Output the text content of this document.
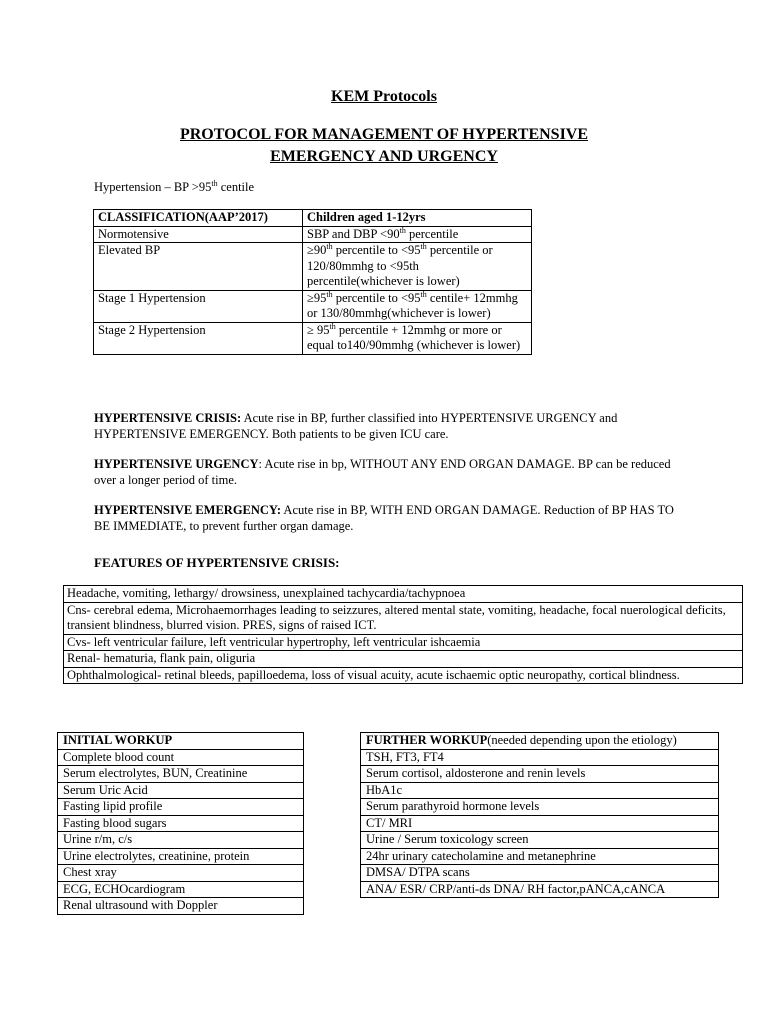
KEM Protocols
PROTOCOL FOR MANAGEMENT OF HYPERTENSIVE EMERGENCY AND URGENCY
Hypertension – BP >95th centile
CLASSIFICATION(AAP’2017)	Children aged 1-12yrs
Normotensive	SBP and DBP <90th percentile
Elevated BP	≥90th percentile to <95th percentile or 120/80mmhg to <95th percentile(whichever is lower)
Stage 1 Hypertension	≥95th percentile to <95th centile+ 12mmhg or 130/80mmhg(whichever is lower)
Stage 2 Hypertension	≥ 95th percentile + 12mmhg or more or equal to140/90mmhg (whichever is lower)

HYPERTENSIVE CRISIS: Acute rise in BP, further classified into HYPERTENSIVE URGENCY and HYPERTENSIVE EMERGENCY. Both patients to be given ICU care.

HYPERTENSIVE URGENCY: Acute rise in bp, WITHOUT ANY END ORGAN DAMAGE. BP can be reduced over a longer period of time.

HYPERTENSIVE EMERGENCY: Acute rise in BP, WITH END ORGAN DAMAGE. Reduction of BP HAS TO BE IMMEDIATE, to prevent further organ damage.

FEATURES OF HYPERTENSIVE CRISIS:
Headache, vomiting, lethargy/ drowsiness, unexplained tachycardia/tachypnoea
Cns- cerebral edema, Microhaemorrhages leading to seizzures, altered mental state, vomiting, headache, focal nuerological deficits, transient blindness, blurred vision. PRES, signs of raised ICT.
Cvs- left ventricular failure, left ventricular hypertrophy, left ventricular ishcaemia
Renal- hematuria, flank pain, oliguria
Ophthalmological- retinal bleeds, papilloedema, loss of visual acuity, acute ischaemic optic neuropathy, cortical blindness.
INITIAL WORKUP
Complete blood count
Serum electrolytes, BUN, Creatinine
Serum Uric Acid
Fasting lipid profile
Fasting blood sugars
Urine r/m, c/s
Urine electrolytes, creatinine, protein
Chest xray
ECG, ECHOcardiogram
Renal ultrasound with Doppler
FURTHER WORKUP(needed depending upon the etiology)
TSH, FT3, FT4
Serum cortisol, aldosterone and renin levels
HbA1c
Serum parathyroid hormone levels
CT/ MRI
Urine / Serum toxicology screen
24hr urinary catecholamine and metanephrine
DMSA/ DTPA scans
ANA/ ESR/ CRP/anti-ds DNA/ RH factor,pANCA,cANCA
